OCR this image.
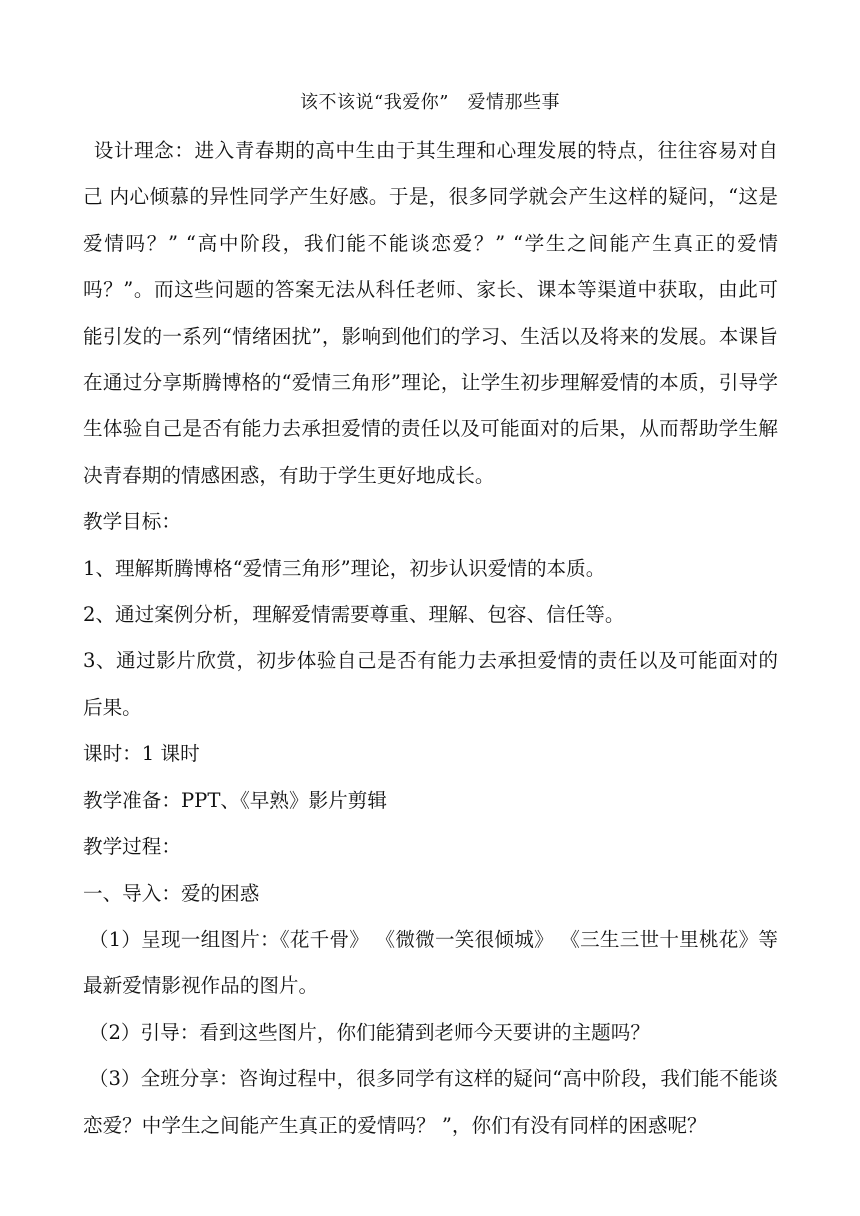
该不该说“我爱你”　爱情那些事

设计理念：进入青春期的高中生由于其生理和心理发展的特点，往往容易对自己 内心倾慕的异性同学产生好感。于是，很多同学就会产生这样的疑问，“这是爱情吗？” “高中阶段，我们能不能谈恋爱？” “学生之间能产生真正的爱情吗？”。而这些问题的答案无法从科任老师、家长、课本等渠道中获取，由此可能引发的一系列“情绪困扰”，影响到他们的学习、生活以及将来的发展。本课旨在通过分享斯腾博格的“爱情三角形”理论，让学生初步理解爱情的本质，引导学生体验自己是否有能力去承担爱情的责任以及可能面对的后果，从而帮助学生解决青春期的情感困惑，有助于学生更好地成长。

教学目标：

1、理解斯腾博格“爱情三角形”理论，初步认识爱情的本质。

2、通过案例分析，理解爱情需要尊重、理解、包容、信任等。

3、通过影片欣赏，初步体验自己是否有能力去承担爱情的责任以及可能面对的后果。

课时：1 课时

教学准备：PPT、《早熟》影片剪辑

教学过程：

一、导入：爱的困惑

（1）呈现一组图片：《花千骨》 《微微一笑很倾城》 《三生三世十里桃花》等最新爱情影视作品的图片。

（2）引导：看到这些图片，你们能猜到老师今天要讲的主题吗？

（3）全班分享：咨询过程中，很多同学有这样的疑问“高中阶段，我们能不能谈恋爱？中学生之间能产生真正的爱情吗？ ”，你们有没有同样的困惑呢？
